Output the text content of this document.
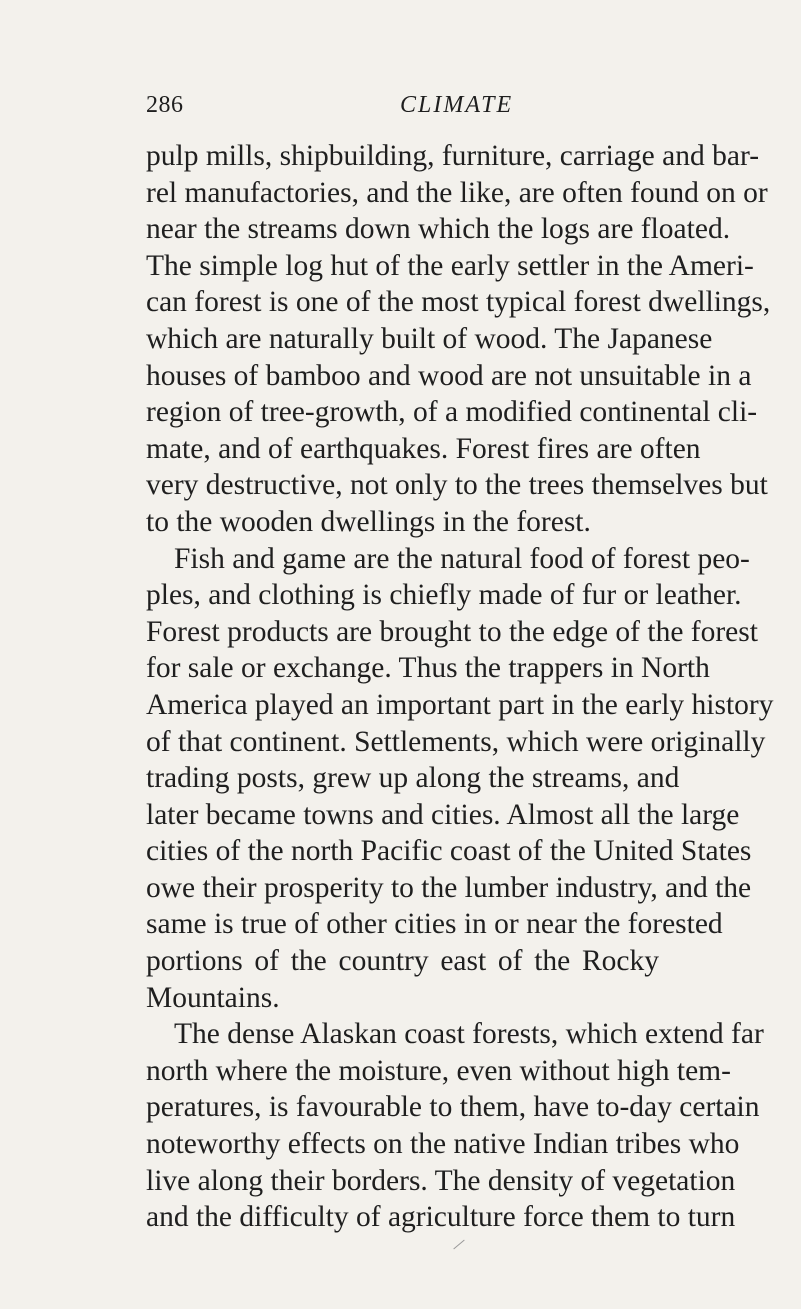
286	CLIMATE
pulp mills, shipbuilding, furniture, carriage and bar-
rel manufactories, and the like, are often found on or
near the streams down which the logs are floated.
The simple log hut of the early settler in the Ameri-
can forest is one of the most typical forest dwellings,
which are naturally built of wood. The Japanese
houses of bamboo and wood are not unsuitable in a
region of tree-growth, of a modified continental cli-
mate, and of earthquakes. Forest fires are often
very destructive, not only to the trees themselves but
to the wooden dwellings in the forest.
Fish and game are the natural food of forest peo-
ples, and clothing is chiefly made of fur or leather.
Forest products are brought to the edge of the forest
for sale or exchange. Thus the trappers in North
America played an important part in the early history
of that continent. Settlements, which were originally
trading posts, grew up along the streams, and
later became towns and cities. Almost all the large
cities of the north Pacific coast of the United States
owe their prosperity to the lumber industry, and the
same is true of other cities in or near the forested
portions of the country east of the Rocky
Mountains.
The dense Alaskan coast forests, which extend far
north where the moisture, even without high tem-
peratures, is favourable to them, have to-day certain
noteworthy effects on the native Indian tribes who
live along their borders. The density of vegetation
and the difficulty of agriculture force them to turn
